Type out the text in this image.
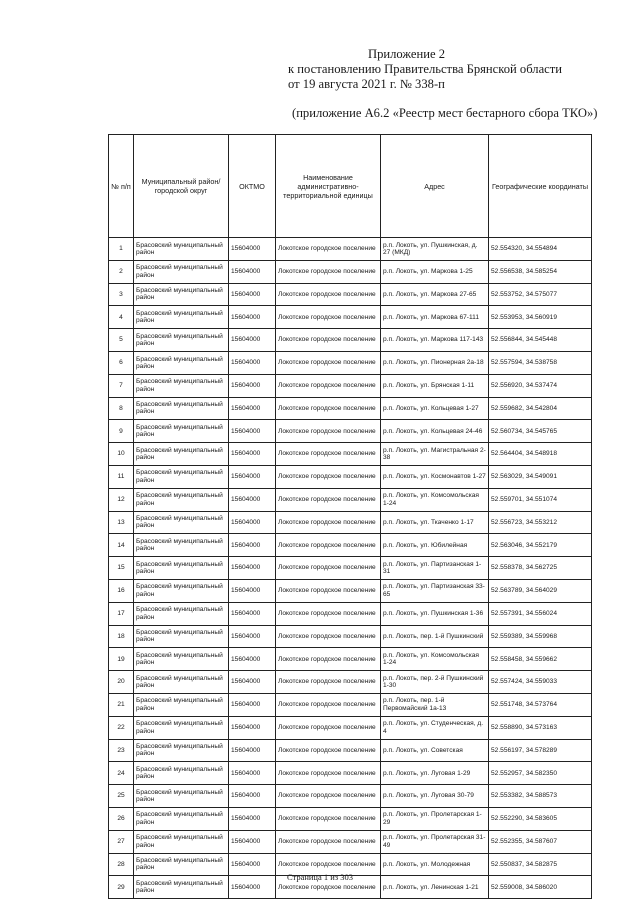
Приложение 2
к постановлению Правительства Брянской области
от 19 августа 2021 г. № 338-п
(приложение А6.2 «Реестр мест бестарного сбора ТКО»)
№ п/п	Муниципальный район/городской округ	ОКТМО	Наименование административно-территориальной единицы	Адрес	Географические координаты
1	Брасовский муниципальный район	15604000	Локотское городское поселение	р.п. Локоть, ул. Пушкинская, д. 27 (МКД)	52.554320, 34.554894
2	Брасовский муниципальный район	15604000	Локотское городское поселение	р.п. Локоть, ул. Маркова 1-25	52.556538, 34.585254
3	Брасовский муниципальный район	15604000	Локотское городское поселение	р.п. Локоть, ул. Маркова 27-65	52.553752, 34.575077
4	Брасовский муниципальный район	15604000	Локотское городское поселение	р.п. Локоть, ул. Маркова 67-111	52.553953, 34.560919
5	Брасовский муниципальный район	15604000	Локотское городское поселение	р.п. Локоть, ул. Маркова 117-143	52.556844, 34.545448
6	Брасовский муниципальный район	15604000	Локотское городское поселение	р.п. Локоть, ул. Пионерная 2а-18	52.557594, 34.538758
7	Брасовский муниципальный район	15604000	Локотское городское поселение	р.п. Локоть, ул. Брянская 1-11	52.556920, 34.537474
8	Брасовский муниципальный район	15604000	Локотское городское поселение	р.п. Локоть, ул. Кольцевая 1-27	52.559682, 34.542804
9	Брасовский муниципальный район	15604000	Локотское городское поселение	р.п. Локоть, ул. Кольцевая 24-46	52.560734, 34.545765
10	Брасовский муниципальный район	15604000	Локотское городское поселение	р.п. Локоть, ул. Магистральная 2-38	52.564404, 34.548918
11	Брасовский муниципальный район	15604000	Локотское городское поселение	р.п. Локоть, ул. Космонавтов 1-27	52.563029, 34.549091
12	Брасовский муниципальный район	15604000	Локотское городское поселение	р.п. Локоть, ул. Комсомольская 1-24	52.559701, 34.551074
13	Брасовский муниципальный район	15604000	Локотское городское поселение	р.п. Локоть, ул. Ткаченко 1-17	52.556723, 34.553212
14	Брасовский муниципальный район	15604000	Локотское городское поселение	р.п. Локоть, ул. Юбилейная	52.563046, 34.552179
15	Брасовский муниципальный район	15604000	Локотское городское поселение	р.п. Локоть, ул. Партизанская 1-31	52.558378, 34.562725
16	Брасовский муниципальный район	15604000	Локотское городское поселение	р.п. Локоть, ул. Партизанская 33-65	52.563789, 34.564029
17	Брасовский муниципальный район	15604000	Локотское городское поселение	р.п. Локоть, ул. Пушкинская 1-36	52.557391, 34.556024
18	Брасовский муниципальный район	15604000	Локотское городское поселение	р.п. Локоть, пер. 1-й Пушкинский	52.559389, 34.559968
19	Брасовский муниципальный район	15604000	Локотское городское поселение	р.п. Локоть, ул. Комсомольская 1-24	52.558458, 34.559662
20	Брасовский муниципальный район	15604000	Локотское городское поселение	р.п. Локоть, пер. 2-й Пушкинский 1-30	52.557424, 34.559033
21	Брасовский муниципальный район	15604000	Локотское городское поселение	р.п. Локоть, пер. 1-й Первомайский 1а-13	52.551748, 34.573764
22	Брасовский муниципальный район	15604000	Локотское городское поселение	р.п. Локоть, ул. Студенческая, д. 4	52.558890, 34.573163
23	Брасовский муниципальный район	15604000	Локотское городское поселение	р.п. Локоть, ул. Советская	52.556197, 34.578289
24	Брасовский муниципальный район	15604000	Локотское городское поселение	р.п. Локоть, ул. Луговая 1-29	52.552957, 34.582350
25	Брасовский муниципальный район	15604000	Локотское городское поселение	р.п. Локоть, ул. Луговая 30-79	52.553382, 34.588573
26	Брасовский муниципальный район	15604000	Локотское городское поселение	р.п. Локоть, ул. Пролетарская 1-29	52.552290, 34.583605
27	Брасовский муниципальный район	15604000	Локотское городское поселение	р.п. Локоть, ул. Пролетарская 31-49	52.552355, 34.587607
28	Брасовский муниципальный район	15604000	Локотское городское поселение	р.п. Локоть, ул. Молодежная	52.550837, 34.582875
29	Брасовский муниципальный район	15604000	Локотское городское поселение	р.п. Локоть, ул. Ленинская 1-21	52.559008, 34.586020
Страница 1 из 303
